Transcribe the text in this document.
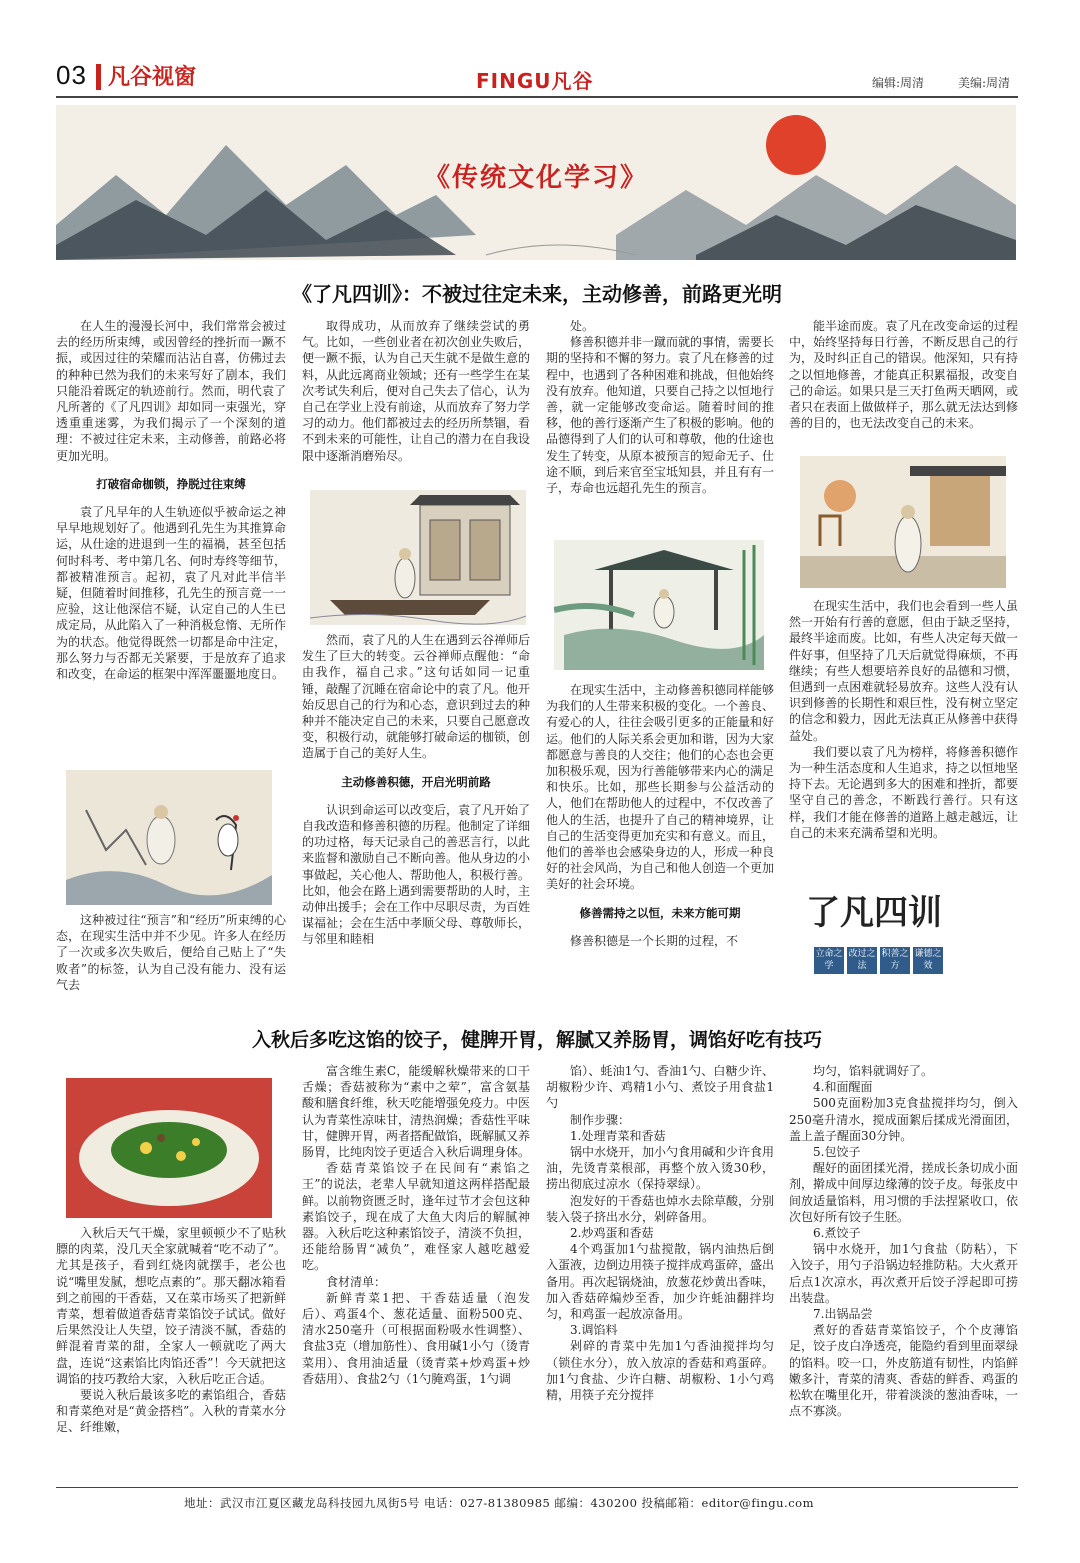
03 凡谷视窗	FINGU凡谷	编辑:周清	美编:周清
《传统文化学习》
《了凡四训》：不被过往定未来，主动修善，前路更光明

在人生的漫漫长河中，我们常常会被过去的经历所束缚，或因曾经的挫折而一蹶不振，或因过往的荣耀而沾沾自喜，仿佛过去的种种已然为我们的未来写好了剧本，我们只能沿着既定的轨迹前行。然而，明代袁了凡所著的《了凡四训》却如同一束强光，穿透重重迷雾，为我们揭示了一个深刻的道理：不被过往定未来，主动修善，前路必将更加光明。

打破宿命枷锁，挣脱过往束缚

袁了凡早年的人生轨迹似乎被命运之神早早地规划好了。他遇到孔先生为其推算命运，从仕途的进退到一生的福禍，甚至包括何时科考、考中第几名、何时寿终等细节，都被精准预言。起初，袁了凡对此半信半疑，但随着时间推移，孔先生的预言竟一一应验，这让他深信不疑，认定自己的人生已成定局，从此陷入了一种消极怠惰、无所作为的状态。他觉得既然一切都是命中注定，那么努力与否都无关紧要，于是放弃了追求和改变，在命运的框架中浑浑噩噩地度日。

这种被过往“预言”和“经历”所束缚的心态，在现实生活中并不少见。许多人在经历了一次或多次失败后，便给自己贴上了“失败者”的标签，认为自己没有能力、没有运气去

取得成功，从而放弃了继续尝试的勇气。比如，一些创业者在初次创业失败后，便一蹶不振，认为自己天生就不是做生意的料，从此远离商业领域；还有一些学生在某次考试失利后，便对自己失去了信心，认为自己在学业上没有前途，从而放弃了努力学习的动力。他们都被过去的经历所禁锢，看不到未来的可能性，让自己的潜力在自我设限中逐渐消磨殆尽。

然而，袁了凡的人生在遇到云谷禅师后发生了巨大的转变。云谷禅师点醒他：“命由我作，福自己求。”这句话如同一记重锤，敲醒了沉睡在宿命论中的袁了凡。他开始反思自己的行为和心态，意识到过去的种种并不能决定自己的未来，只要自己愿意改变，积极行动，就能够打破命运的枷锁，创造属于自己的美好人生。

主动修善积德，开启光明前路

认识到命运可以改变后，袁了凡开始了自我改造和修善积德的历程。他制定了详细的功过格，每天记录自己的善恶言行，以此来监督和激励自己不断向善。他从身边的小事做起，关心他人、帮助他人，积极行善。比如，他会在路上遇到需要帮助的人时，主动伸出援手；会在工作中尽职尽责，为百姓谋福祉；会在生活中孝顺父母、尊敬师长，与邻里和睦相

处。

修善积德并非一蹴而就的事情，需要长期的坚持和不懈的努力。袁了凡在修善的过程中，也遇到了各种困难和挑战，但他始终没有放弃。他知道，只要自己持之以恒地行善，就一定能够改变命运。随着时间的推移，他的善行逐渐产生了积极的影响。他的品德得到了人们的认可和尊敬，他的仕途也发生了转变，从原本被预言的短命无子、仕途不顺，到后来官至宝坻知县，并且有有一子，寿命也远超孔先生的预言。

在现实生活中，主动修善积德同样能够为我们的人生带来积极的变化。一个善良、有爱心的人，往往会吸引更多的正能量和好运。他们的人际关系会更加和谐，因为大家都愿意与善良的人交往；他们的心态也会更加积极乐观，因为行善能够带来内心的满足和快乐。比如，那些长期参与公益活动的人，他们在帮助他人的过程中，不仅改善了他人的生活，也提升了自己的精神境界，让自己的生活变得更加充实和有意义。而且，他们的善举也会感染身边的人，形成一种良好的社会风尚，为自己和他人创造一个更加美好的社会环境。

修善需持之以恒，未来方能可期

修善积德是一个长期的过程，不

能半途而废。袁了凡在改变命运的过程中，始终坚持每日行善，不断反思自己的行为，及时纠正自己的错误。他深知，只有持之以恒地修善，才能真正积累福报，改变自己的命运。如果只是三天打鱼两天晒网，或者只在表面上做做样子，那么就无法达到修善的目的，也无法改变自己的未来。

在现实生活中，我们也会看到一些人虽然一开始有行善的意愿，但由于缺乏坚持，最终半途而废。比如，有些人决定每天做一件好事，但坚持了几天后就觉得麻烦，不再继续；有些人想要培养良好的品德和习惯，但遇到一点困难就轻易放弃。这些人没有认识到修善的长期性和艰巨性，没有树立坚定的信念和毅力，因此无法真正从修善中获得益处。

我们要以袁了凡为榜样，将修善积德作为一种生活态度和人生追求，持之以恒地坚持下去。无论遇到多大的困难和挫折，都要坚守自己的善念，不断践行善行。只有这样，我们才能在修善的道路上越走越远，让自己的未来充满希望和光明。

了凡四训
立命之学
改过之法
积善之方
谦德之效
入秋后多吃这馅的饺子，健脾开胃，解腻又养肠胃，调馅好吃有技巧

入秋后天气干燥，家里顿顿少不了贴秋膘的肉菜，没几天全家就喊着“吃不动了”。尤其是孩子，看到红烧肉就摆手，老公也说“嘴里发腻，想吃点素的”。那天翻冰箱看到之前囤的干香菇，又在菜市场买了把新鲜青菜，想着做道香菇青菜馅饺子试试。做好后果然没让人失望，饺子清淡不腻，香菇的鲜混着青菜的甜，全家人一顿就吃了两大盘，连说“这素馅比肉馅还香”！今天就把这调馅的技巧教给大家，入秋后吃正合适。

要说入秋后最该多吃的素馅组合，香菇和青菜绝对是“黄金搭档”。入秋的青菜水分足、纤维嫩，

富含维生素C，能缓解秋燥带来的口干舌燥；香菇被称为“素中之荤”，富含氨基酸和膳食纤维，秋天吃能增强免疫力。中医认为青菜性凉味甘，清热润燥；香菇性平味甘，健脾开胃，两者搭配做馅，既解腻又养肠胃，比纯肉饺子更适合入秋后调理身体。

香菇青菜馅饺子在民间有“素馅之王”的说法，老辈人早就知道这两样搭配最鲜。以前物资匮乏时，逢年过节才会包这种素馅饺子，现在成了大鱼大肉后的解腻神器。入秋后吃这种素馅饺子，清淡不负担，还能给肠胃“减负”，难怪家人越吃越爱吃。

食材清单：

新鲜青菜1把、干香菇适量（泡发后）、鸡蛋4个、葱花适量、面粉500克、清水250毫升（可根据面粉吸水性调整）、食盐3克（增加筋性）、食用碱1小勺（烫青菜用）、食用油适量（烫青菜+炒鸡蛋+炒香菇用）、食盐2勺（1勺腌鸡蛋，1勺调

馅）、蚝油1勺、香油1勺、白糖少许、胡椒粉少许、鸡精1小勺、煮饺子用食盐1勺

制作步骤：

1.处理青菜和香菇

锅中水烧开，加小勺食用碱和少许食用油，先烫青菜根部，再整个放入烫30秒，捞出彻底过凉水（保持翠绿）。

泡发好的干香菇也焯水去除草酸，分别装入袋子挤出水分，剁碎备用。

2.炒鸡蛋和香菇

4个鸡蛋加1勺盐搅散，锅内油热后倒入蛋液，边倒边用筷子搅拌成鸡蛋碎，盛出备用。再次起锅烧油，放葱花炒黄出香味，加入香菇碎煸炒至香，加少许蚝油翻拌均匀，和鸡蛋一起放凉备用。

3.调馅料

剁碎的青菜中先加1勺香油搅拌均匀（锁住水分），放入放凉的香菇和鸡蛋碎。加1勺食盐、少许白糖、胡椒粉、1小勺鸡精，用筷子充分搅拌

均匀，馅料就调好了。

4.和面醒面

500克面粉加3克食盐搅拌均匀，倒入250毫升清水，搅成面絮后揉成光滑面团，盖上盖子醒面30分钟。

5.包饺子

醒好的面团揉光滑，搓成长条切成小面剂，擀成中间厚边缘薄的饺子皮。每张皮中间放适量馅料，用习惯的手法捏紧收口，依次包好所有饺子生胚。

6.煮饺子

锅中水烧开，加1勺食盐（防粘），下入饺子，用勺子沿锅边轻推防粘。大火煮开后点1次凉水，再次煮开后饺子浮起即可捞出装盘。

7.出锅品尝

煮好的香菇青菜馅饺子，个个皮薄馅足，饺子皮白净透亮，能隐约看到里面翠绿的馅料。咬一口，外皮筋道有韧性，内馅鲜嫩多汁，青菜的清爽、香菇的鲜香、鸡蛋的松软在嘴里化开，带着淡淡的葱油香味，一点不寡淡。

地址：武汉市江夏区藏龙岛科技园九凤街5号 电话：027-81380985 邮编：430200 投稿邮箱：editor@fingu.com
